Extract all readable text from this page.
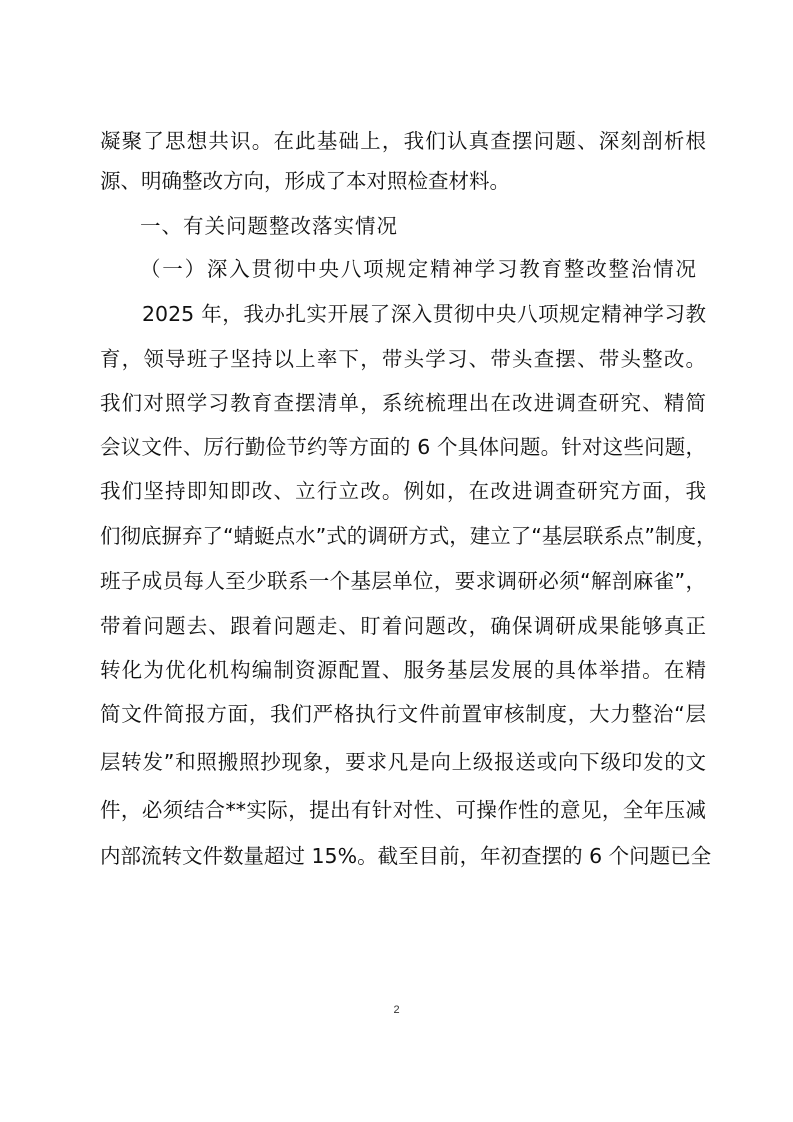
凝聚了思想共识。在此基础上，我们认真查摆问题、深刻剖析根
源、明确整改方向，形成了本对照检查材料。
一、有关问题整改落实情况
（一）深入贯彻中央八项规定精神学习教育整改整治情况
2025 年，我办扎实开展了深入贯彻中央八项规定精神学习教
育，领导班子坚持以上率下，带头学习、带头查摆、带头整改。
我们对照学习教育查摆清单，系统梳理出在改进调查研究、精简
会议文件、厉行勤俭节约等方面的 6 个具体问题。针对这些问题，
我们坚持即知即改、立行立改。例如，在改进调查研究方面，我
们彻底摒弃了“蜻蜓点水”式的调研方式，建立了“基层联系点”制度，
班子成员每人至少联系一个基层单位，要求调研必须“解剖麻雀”，
带着问题去、跟着问题走、盯着问题改，确保调研成果能够真正
转化为优化机构编制资源配置、服务基层发展的具体举措。在精
简文件简报方面，我们严格执行文件前置审核制度，大力整治“层
层转发”和照搬照抄现象，要求凡是向上级报送或向下级印发的文
件，必须结合**实际，提出有针对性、可操作性的意见，全年压减
内部流转文件数量超过 15%。截至目前，年初查摆的 6 个问题已全
2
